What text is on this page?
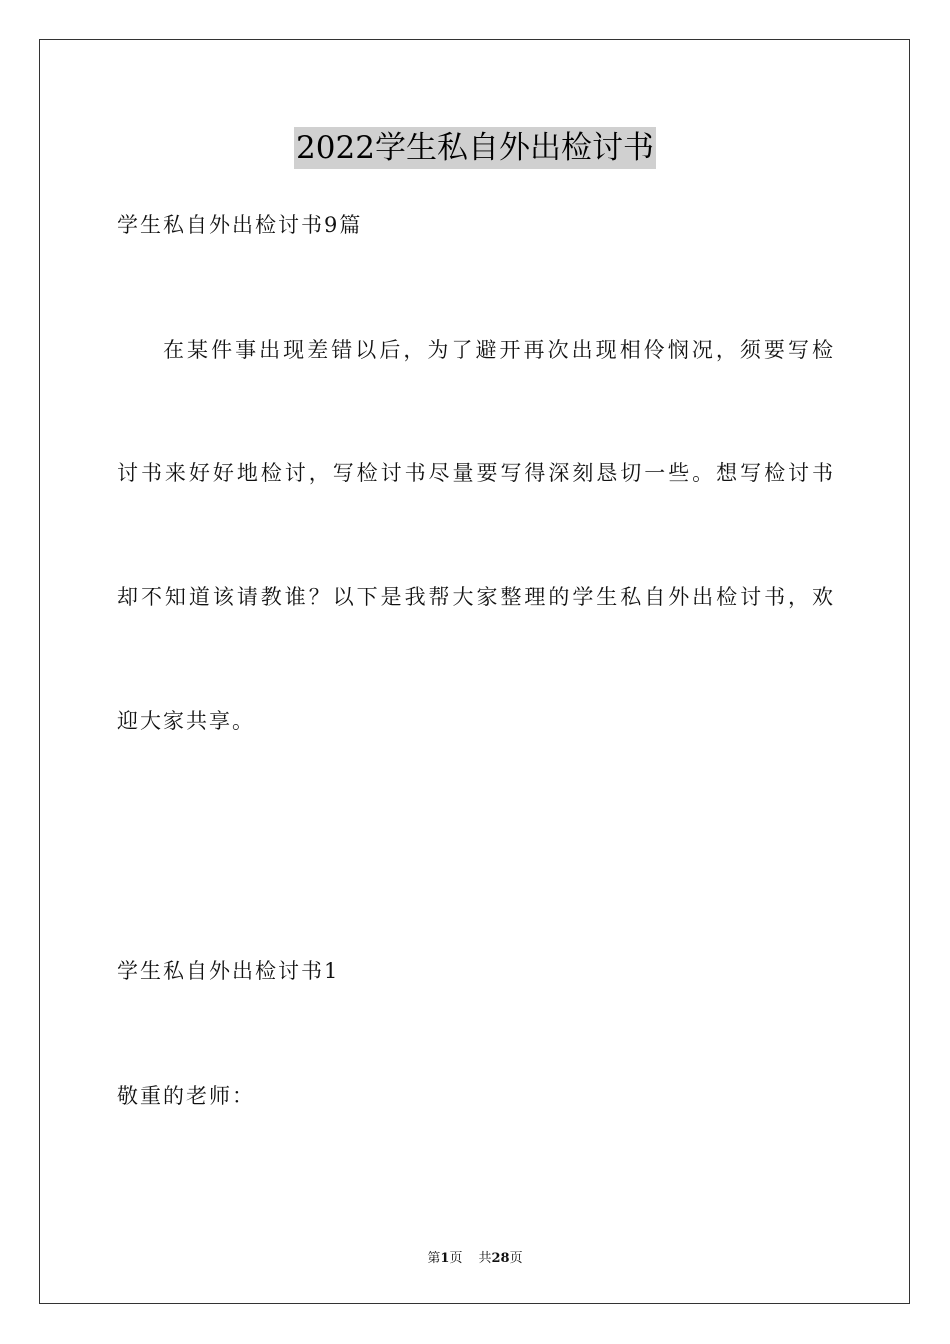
2022学生私自外出检讨书
学生私自外出检讨书9篇
在某件事出现差错以后，为了避开再次出现相伶悯况，须要写检
讨书来好好地检讨，写检讨书尽量要写得深刻恳切一些。想写检讨书
却不知道该请教谁？以下是我帮大家整理的学生私自外出检讨书，欢
迎大家共享。
学生私自外出检讨书1
敬重的老师：
第1页 共28页
